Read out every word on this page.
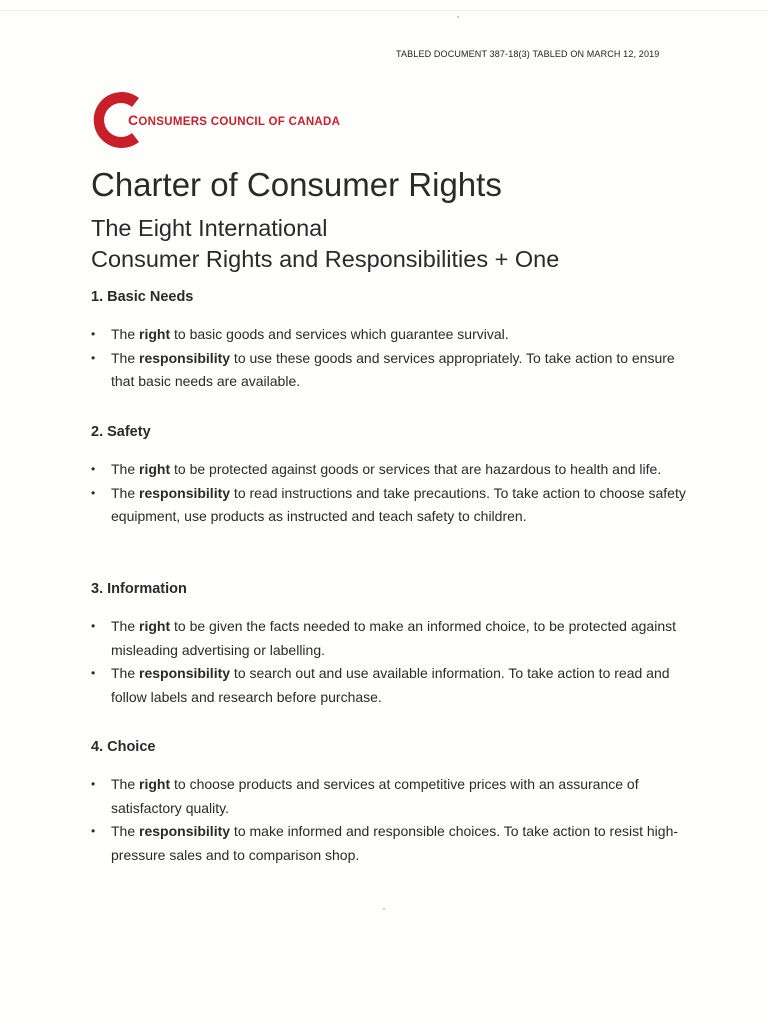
TABLED DOCUMENT 387-18(3) TABLED ON MARCH 12, 2019
CONSUMERS COUNCIL OF CANADA
Charter of Consumer Rights
The Eight International
Consumer Rights and Responsibilities + One
1. Basic Needs
• The right to basic goods and services which guarantee survival.
• The responsibility to use these goods and services appropriately. To take action to ensure that basic needs are available.
2. Safety
• The right to be protected against goods or services that are hazardous to health and life.
• The responsibility to read instructions and take precautions. To take action to choose safety equipment, use products as instructed and teach safety to children.
3. Information
• The right to be given the facts needed to make an informed choice, to be protected against misleading advertising or labelling.
• The responsibility to search out and use available information. To take action to read and follow labels and research before purchase.
4. Choice
• The right to choose products and services at competitive prices with an assurance of satisfactory quality.
• The responsibility to make informed and responsible choices. To take action to resist high-pressure sales and to comparison shop.
